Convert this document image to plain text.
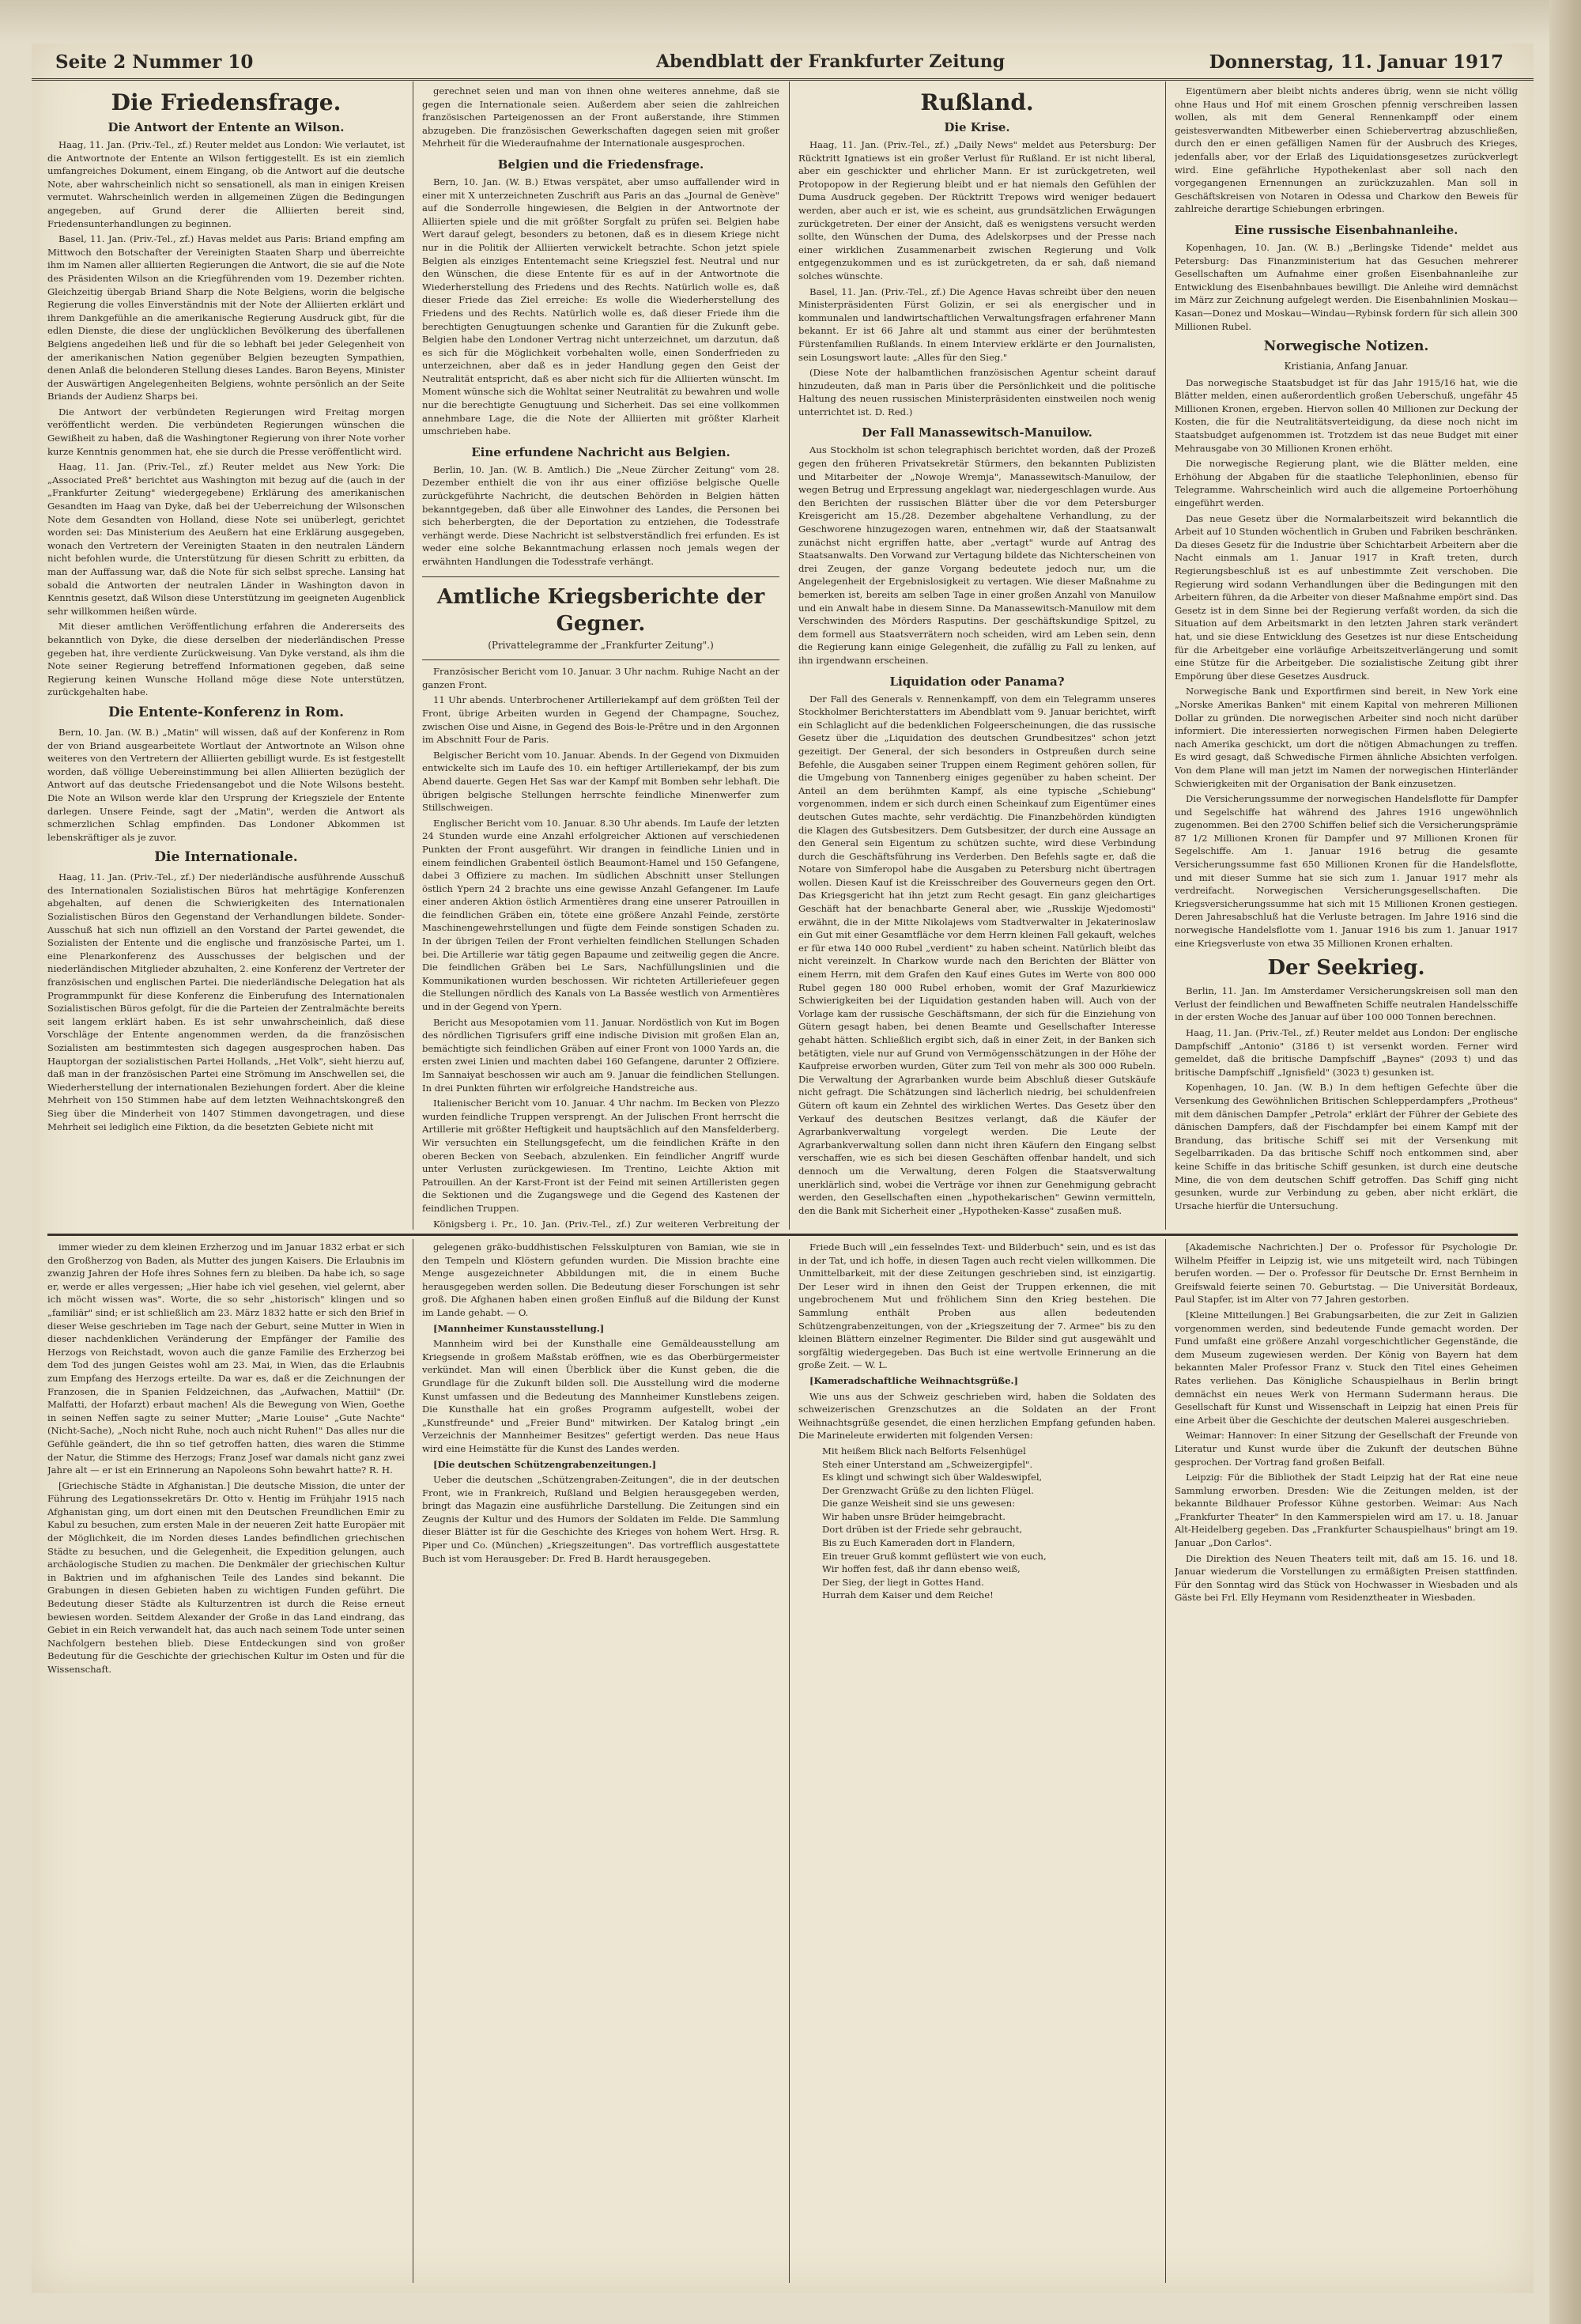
Seite 2 Nummer 10	Abendblatt der Frankfurter Zeitung	Donnerstag, 11. Januar 1917
Die Friedensfrage.
Die Antwort der Entente an Wilson.

Haag, 11. Jan. (Priv.-Tel., zf.) Reuter meldet aus London: Wie verlautet, ist die Antwortnote der Entente an Wilson fertiggestellt. Es ist ein ziemlich umfangreiches Dokument, einem Eingang, ob die Antwort auf die deutsche Note, aber wahrscheinlich nicht so sensationell, als man in einigen Kreisen vermutet. Wahrscheinlich werden in allgemeinen Zügen die Bedingungen angegeben, auf Grund derer die Alliierten bereit sind, Friedensunterhandlungen zu beginnen.

Basel, 11. Jan. (Priv.-Tel., zf.) Havas meldet aus Paris: Briand empfing am Mittwoch den Botschafter der Vereinigten Staaten Sharp und überreichte ihm im Namen aller alliierten Regierungen die Antwort, die sie auf die Note des Präsidenten Wilson an die Kriegführenden vom 19. Dezember richten. Gleichzeitig übergab Briand Sharp die Note Belgiens, worin die belgische Regierung die volles Einverständnis mit der Note der Alliierten erklärt und ihrem Dankgefühle an die amerikanische Regierung Ausdruck gibt, für die edlen Dienste, die diese der unglücklichen Bevölkerung des überfallenen Belgiens angedeihen ließ und für die so lebhaft bei jeder Gelegenheit von der amerikanischen Nation gegenüber Belgien bezeugten Sympathien, denen Anlaß die belonderen Stellung dieses Landes. Baron Beyens, Minister der Auswärtigen Angelegenheiten Belgiens, wohnte persönlich an der Seite Briands der Audienz Sharps bei.

Die Antwort der verbündeten Regierungen wird Freitag morgen veröffentlicht werden. Die verbündeten Regierungen wünschen die Gewißheit zu haben, daß die Washingtoner Regierung von ihrer Note vorher kurze Kenntnis genommen hat, ehe sie durch die Presse veröffentlicht wird.

Haag, 11. Jan. (Priv.-Tel., zf.) Reuter meldet aus New York: Die „Associated Preß" berichtet aus Washington mit bezug auf die (auch in der „Frankfurter Zeitung" wiedergegebene) Erklärung des amerikanischen Gesandten im Haag van Dyke, daß bei der Ueberreichung der Wilsonschen Note dem Gesandten von Holland, diese Note sei unüberlegt, gerichtet worden sei: Das Ministerium des Aeußern hat eine Erklärung ausgegeben, wonach den Vertretern der Vereinigten Staaten in den neutralen Ländern nicht befohlen wurde, die Unterstützung für diesen Schritt zu erbitten, da man der Auffassung war, daß die Note für sich selbst spreche. Lansing hat sobald die Antworten der neutralen Länder in Washington davon in Kenntnis gesetzt, daß Wilson diese Unterstützung im geeigneten Augenblick sehr willkommen heißen würde.

Mit dieser amtlichen Veröffentlichung erfahren die Andererseits des bekanntlich von Dyke, die diese derselben der niederländischen Presse gegeben hat, ihre verdiente Zurückweisung. Van Dyke verstand, als ihm die Note seiner Regierung betreffend Informationen gegeben, daß seine Regierung keinen Wunsche Holland möge diese Note unterstützen, zurückgehalten habe.

Die Entente-Konferenz in Rom.

Bern, 10. Jan. (W. B.) „Matin" will wissen, daß auf der Konferenz in Rom der von Briand ausgearbeitete Wortlaut der Antwortnote an Wilson ohne weiteres von den Vertretern der Alliierten gebilligt wurde. Es ist festgestellt worden, daß völlige Uebereinstimmung bei allen Alliierten bezüglich der Antwort auf das deutsche Friedensangebot und die Note Wilsons besteht. Die Note an Wilson werde klar den Ursprung der Kriegsziele der Entente darlegen. Unsere Feinde, sagt der „Matin", werden die Antwort als schmerzlichen Schlag empfinden. Das Londoner Abkommen ist lebenskräftiger als je zuvor.

Die Internationale.

Haag, 11. Jan. (Priv.-Tel., zf.) Der niederländische ausführende Ausschuß des Internationalen Sozialistischen Büros hat mehrtägige Konferenzen abgehalten, auf denen die Schwierigkeiten des Internationalen Sozialistischen Büros den Gegenstand der Verhandlungen bildete. Sonder-Ausschuß hat sich nun offiziell an den Vorstand der Partei gewendet, die Sozialisten der Entente und die englische und französische Partei, um 1. eine Plenarkonferenz des Ausschusses der belgischen und der niederländischen Mitglieder abzuhalten, 2. eine Konferenz der Vertreter der französischen und englischen Partei. Die niederländische Delegation hat als Programmpunkt für diese Konferenz die Einberufung des Internationalen Sozialistischen Büros gefolgt, für die die Parteien der Zentralmächte bereits seit langem erklärt haben. Es ist sehr unwahrscheinlich, daß diese Vorschläge der Entente angenommen werden, da die französischen Sozialisten am bestimmtesten sich dagegen ausgesprochen haben. Das Hauptorgan der sozialistischen Partei Hollands, „Het Volk", sieht hierzu auf, daß man in der französischen Partei eine Strömung im Anschwellen sei, die Wiederherstellung der internationalen Beziehungen fordert. Aber die kleine Mehrheit von 150 Stimmen habe auf dem letzten Weihnachtskongreß den Sieg über die Minderheit von 1407 Stimmen davongetragen, und diese Mehrheit sei lediglich eine Fiktion, da die besetzten Gebiete nicht mit

gerechnet seien und man von ihnen ohne weiteres annehme, daß sie gegen die Internationale seien. Außerdem aber seien die zahlreichen französischen Parteigenossen an der Front außerstande, ihre Stimmen abzugeben. Die französischen Gewerkschaften dagegen seien mit großer Mehrheit für die Wiederaufnahme der Internationale ausgesprochen.

Belgien und die Friedensfrage.

Bern, 10. Jan. (W. B.) Etwas verspätet, aber umso auffallender wird in einer mit X unterzeichneten Zuschrift aus Paris an das „Journal de Genève" auf die Sonderrolle hingewiesen, die Belgien in der Antwortnote der Alliierten spiele und die mit größter Sorgfalt zu prüfen sei. Belgien habe Wert darauf gelegt, besonders zu betonen, daß es in diesem Kriege nicht nur in die Politik der Alliierten verwickelt betrachte. Schon jetzt spiele Belgien als einziges Ententemacht seine Kriegsziel fest. Neutral und nur den Wünschen, die diese Entente für es auf in der Antwortnote die Wiederherstellung des Friedens und des Rechts. Natürlich wolle es, daß dieser Friede das Ziel erreiche: Es wolle die Wiederherstellung des Friedens und des Rechts. Natürlich wolle es, daß dieser Friede ihm die berechtigten Genugtuungen schenke und Garantien für die Zukunft gebe. Belgien habe den Londoner Vertrag nicht unterzeichnet, um darzutun, daß es sich für die Möglichkeit vorbehalten wolle, einen Sonderfrieden zu unterzeichnen, aber daß es in jeder Handlung gegen den Geist der Neutralität entspricht, daß es aber nicht sich für die Alliierten wünscht. Im Moment wünsche sich die Wohltat seiner Neutralität zu bewahren und wolle nur die berechtigte Genugtuung und Sicherheit. Das sei eine vollkommen annehmbare Lage, die die Note der Alliierten mit größter Klarheit umschrieben habe.

Eine erfundene Nachricht aus Belgien.

Berlin, 10. Jan. (W. B. Amtlich.) Die „Neue Zürcher Zeitung" vom 28. Dezember enthielt die von ihr aus einer offiziöse belgische Quelle zurückgeführte Nachricht, die deutschen Behörden in Belgien hätten bekanntgegeben, daß über alle Einwohner des Landes, die Personen bei sich beherbergten, die der Deportation zu entziehen, die Todesstrafe verhängt werde. Diese Nachricht ist selbstverständlich frei erfunden. Es ist weder eine solche Bekanntmachung erlassen noch jemals wegen der erwähnten Handlungen die Todesstrafe verhängt.

Amtliche Kriegsberichte der Gegner.
(Privattelegramme der „Frankfurter Zeitung".)

Französischer Bericht vom 10. Januar. 3 Uhr nachm. Ruhige Nacht an der ganzen Front.

11 Uhr abends. Unterbrochener Artilleriekampf auf dem größten Teil der Front, übrige Arbeiten wurden in Gegend der Champagne, Souchez, zwischen Oise und Aisne, in Gegend des Bois-le-Prêtre und in den Argonnen im Abschnitt Four de Paris.

Belgischer Bericht vom 10. Januar. Abends. In der Gegend von Dixmuiden entwickelte sich im Laufe des 10. ein heftiger Artilleriekampf, der bis zum Abend dauerte. Gegen Het Sas war der Kampf mit Bomben sehr lebhaft. Die übrigen belgische Stellungen herrschte feindliche Minenwerfer zum Stillschweigen.

Englischer Bericht vom 10. Januar. 8.30 Uhr abends. Im Laufe der letzten 24 Stunden wurde eine Anzahl erfolgreicher Aktionen auf verschiedenen Punkten der Front ausgeführt. Wir drangen in feindliche Linien und in einem feindlichen Grabenteil östlich Beaumont-Hamel und 150 Gefangene, dabei 3 Offiziere zu machen. Im südlichen Abschnitt unser Stellungen östlich Ypern 24 2 brachte uns eine gewisse Anzahl Gefangener. Im Laufe einer anderen Aktion östlich Armentières drang eine unserer Patrouillen in die feindlichen Gräben ein, tötete eine größere Anzahl Feinde, zerstörte Maschinengewehrstellungen und fügte dem Feinde sonstigen Schaden zu. In der übrigen Teilen der Front verhielten feindlichen Stellungen Schaden bei. Die Artillerie war tätig gegen Bapaume und zeitweilig gegen die Ancre. Die feindlichen Gräben bei Le Sars, Nachfüllungslinien und die Kommunikationen wurden beschossen. Wir richteten Artilleriefeuer gegen die Stellungen nördlich des Kanals von La Bassée westlich von Armentières und in der Gegend von Ypern.

Bericht aus Mesopotamien vom 11. Januar. Nordöstlich von Kut im Bogen des nördlichen Tigrisufers griff eine indische Division mit großen Elan an, bemächtigte sich feindlichen Gräben auf einer Front von 1000 Yards an, die ersten zwei Linien und machten dabei 160 Gefangene, darunter 2 Offiziere. Im Sannaiyat beschossen wir auch am 9. Januar die feindlichen Stellungen. In drei Punkten führten wir erfolgreiche Handstreiche aus.

Italienischer Bericht vom 10. Januar. 4 Uhr nachm. Im Becken von Plezzo wurden feindliche Truppen versprengt. An der Julischen Front herrscht die Artillerie mit größter Heftigkeit und hauptsächlich auf den Mansfelderberg. Wir versuchten ein Stellungsgefecht, um die feindlichen Kräfte in den oberen Becken von Seebach, abzulenken. Ein feindlicher Angriff wurde unter Verlusten zurückgewiesen. Im Trentino, Leichte Aktion mit Patrouillen. An der Karst-Front ist der Feind mit seinen Artilleristen gegen die Sektionen und die Zugangswege und die Gegend des Kastenen der feindlichen Truppen.

Königsberg i. Pr., 10. Jan. (Priv.-Tel., zf.) Zur weiteren Verbreitung der

Rußland.
Die Krise.

Haag, 11. Jan. (Priv.-Tel., zf.) „Daily News" meldet aus Petersburg: Der Rücktritt Ignatiews ist ein großer Verlust für Rußland. Er ist nicht liberal, aber ein geschickter und ehrlicher Mann. Er ist zurückgetreten, weil Protopopow in der Regierung bleibt und er hat niemals den Gefühlen der Duma Ausdruck gegeben. Der Rücktritt Trepows wird weniger bedauert werden, aber auch er ist, wie es scheint, aus grundsätzlichen Erwägungen zurückgetreten. Der einer der Ansicht, daß es wenigstens versucht werden sollte, den Wünschen der Duma, des Adelskorpses und der Presse nach einer wirklichen Zusammenarbeit zwischen Regierung und Volk entgegenzukommen und es ist zurückgetreten, da er sah, daß niemand solches wünschte.

Basel, 11. Jan. (Priv.-Tel., zf.) Die Agence Havas schreibt über den neuen Ministerpräsidenten Fürst Golizin, er sei als energischer und in kommunalen und landwirtschaftlichen Verwaltungsfragen erfahrener Mann bekannt. Er ist 66 Jahre alt und stammt aus einer der berühmtesten Fürstenfamilien Rußlands. In einem Interview erklärte er den Journalisten, sein Losungswort laute: „Alles für den Sieg."

(Diese Note der halbamtlichen französischen Agentur scheint darauf hinzudeuten, daß man in Paris über die Persönlichkeit und die politische Haltung des neuen russischen Ministerpräsidenten einstweilen noch wenig unterrichtet ist. D. Red.)

Der Fall Manassewitsch-Manuilow.

Aus Stockholm ist schon telegraphisch berichtet worden, daß der Prozeß gegen den früheren Privatsekretär Stürmers, den bekannten Publizisten und Mitarbeiter der „Nowoje Wremja", Manassewitsch-Manuilow, der wegen Betrug und Erpressung angeklagt war, niedergeschlagen wurde. Aus den Berichten der russischen Blätter über die vor dem Petersburger Kreisgericht am 15./28. Dezember abgehaltene Verhandlung, zu der Geschworene hinzugezogen waren, entnehmen wir, daß der Staatsanwalt zunächst nicht ergriffen hatte, aber „vertagt" wurde auf Antrag des Staatsanwalts. Den Vorwand zur Vertagung bildete das Nichterscheinen von drei Zeugen, der ganze Vorgang bedeutete jedoch nur, um die Angelegenheit der Ergebnislosigkeit zu vertagen. Wie dieser Maßnahme zu bemerken ist, bereits am selben Tage in einer großen Anzahl von Manuilow und ein Anwalt habe in diesem Sinne. Da Manassewitsch-Manuilow mit dem Verschwinden des Mörders Rasputins. Der geschäftskundige Spitzel, zu dem formell aus Staatsverrätern noch scheiden, wird am Leben sein, denn die Regierung kann einige Gelegenheit, die zufällig zu Fall zu lenken, auf ihn irgendwann erscheinen.

Liquidation oder Panama?

Der Fall des Generals v. Rennenkampff, von dem ein Telegramm unseres Stockholmer Berichterstatters im Abendblatt vom 9. Januar berichtet, wirft ein Schlaglicht auf die bedenklichen Folgeerscheinungen, die das russische Gesetz über die „Liquidation des deutschen Grundbesitzes" schon jetzt gezeitigt. Der General, der sich besonders in Ostpreußen durch seine Befehle, die Ausgaben seiner Truppen einem Regiment gehören sollen, für die Umgebung von Tannenberg einiges gegenüber zu haben scheint. Der Anteil an dem berühmten Kampf, als eine typische „Schiebung" vorgenommen, indem er sich durch einen Scheinkauf zum Eigentümer eines deutschen Gutes machte, sehr verdächtig. Die Finanzbehörden kündigten die Klagen des Gutsbesitzers. Dem Gutsbesitzer, der durch eine Aussage an den General sein Eigentum zu schützen suchte, wird diese Verbindung durch die Geschäftsführung ins Verderben. Den Befehls sagte er, daß die Notare von Simferopol habe die Ausgaben zu Petersburg nicht übertragen wollen. Diesen Kauf ist die Kreisschreiber des Gouverneurs gegen den Ort. Das Kriegsgericht hat ihn jetzt zum Recht gesagt. Ein ganz gleichartiges Geschäft hat der benachbarte General aber, wie „Russkije Wjedomosti" erwähnt, die in der Mitte Nikolajews vom Stadtverwalter in Jekaterinoslaw ein Gut mit einer Gesamtfläche vor dem Herrn kleinen Fall gekauft, welches er für etwa 140 000 Rubel „verdient" zu haben scheint. Natürlich bleibt das nicht vereinzelt. In Charkow wurde nach den Berichten der Blätter von einem Herrn, mit dem Grafen den Kauf eines Gutes im Werte von 800 000 Rubel gegen 180 000 Rubel erhoben, womit der Graf Mazurkiewicz Schwierigkeiten bei der Liquidation gestanden haben will. Auch von der Vorlage kam der russische Geschäftsmann, der sich für die Einziehung von Gütern gesagt haben, bei denen Beamte und Gesellschafter Interesse gehabt hätten. Schließlich ergibt sich, daß in einer Zeit, in der Banken sich betätigten, viele nur auf Grund von Vermögensschätzungen in der Höhe der Kaufpreise erworben wurden, Güter zum Teil von mehr als 300 000 Rubeln. Die Verwaltung der Agrarbanken wurde beim Abschluß dieser Gutskäufe nicht gefragt. Die Schätzungen sind lächerlich niedrig, bei schuldenfreien Gütern oft kaum ein Zehntel des wirklichen Wertes. Das Gesetz über den Verkauf des deutschen Besitzes verlangt, daß die Käufer der Agrarbankverwaltung vorgelegt werden. Die Leute der Agrarbankverwaltung sollen dann nicht ihren Käufern den Eingang selbst verschaffen, wie es sich bei diesen Geschäften offenbar handelt, und sich dennoch um die Verwaltung, deren Folgen die Staatsverwaltung unerklärlich sind, wobei die Verträge vor ihnen zur Genehmigung gebracht werden, den Gesellschaften einen „hypothekarischen" Gewinn vermitteln, den die Bank mit Sicherheit einer „Hypotheken-Kasse" zusaßen muß.

Eigentümern aber bleibt nichts anderes übrig, wenn sie nicht völlig ohne Haus und Hof mit einem Groschen pfennig verschreiben lassen wollen, als mit dem General Rennenkampff oder einem geistesverwandten Mitbewerber einen Schiebervertrag abzuschließen, durch den er einen gefälligen Namen für der Ausbruch des Krieges, jedenfalls aber, vor der Erlaß des Liquidationsgesetzes zurückverlegt wird. Eine gefährliche Hypothekenlast aber soll nach den vorgegangenen Ernennungen an zurückzuzahlen. Man soll in Geschäftskreisen von Notaren in Odessa und Charkow den Beweis für zahlreiche derartige Schiebungen erbringen.

Eine russische Eisenbahnanleihe.

Kopenhagen, 10. Jan. (W. B.) „Berlingske Tidende" meldet aus Petersburg: Das Finanzministerium hat das Gesuchen mehrerer Gesellschaften um Aufnahme einer großen Eisenbahnanleihe zur Entwicklung des Eisenbahnbaues bewilligt. Die Anleihe wird demnächst im März zur Zeichnung aufgelegt werden. Die Eisenbahnlinien Moskau—Kasan—Donez und Moskau—Windau—Rybinsk fordern für sich allein 300 Millionen Rubel.

Norwegische Notizen.
Kristiania, Anfang Januar.

Das norwegische Staatsbudget ist für das Jahr 1915/16 hat, wie die Blätter melden, einen außerordentlich großen Ueberschuß, ungefähr 45 Millionen Kronen, ergeben. Hiervon sollen 40 Millionen zur Deckung der Kosten, die für die Neutralitätsverteidigung, da diese noch nicht im Staatsbudget aufgenommen ist. Trotzdem ist das neue Budget mit einer Mehrausgabe von 30 Millionen Kronen erhöht.

Die norwegische Regierung plant, wie die Blätter melden, eine Erhöhung der Abgaben für die staatliche Telephonlinien, ebenso für Telegramme. Wahrscheinlich wird auch die allgemeine Portoerhöhung eingeführt werden.

Das neue Gesetz über die Normalarbeitszeit wird bekanntlich die Arbeit auf 10 Stunden wöchentlich in Gruben und Fabriken beschränken. Da dieses Gesetz für die Industrie über Schichtarbeit Arbeitern aber die Nacht einmals am 1. Januar 1917 in Kraft treten, durch Regierungsbeschluß ist es auf unbestimmte Zeit verschoben. Die Regierung wird sodann Verhandlungen über die Bedingungen mit den Arbeitern führen, da die Arbeiter von dieser Maßnahme empört sind. Das Gesetz ist in dem Sinne bei der Regierung verfaßt worden, da sich die Situation auf dem Arbeitsmarkt in den letzten Jahren stark verändert hat, und sie diese Entwicklung des Gesetzes ist nur diese Entscheidung für die Arbeitgeber eine vorläufige Arbeitszeitverlängerung und somit eine Stütze für die Arbeitgeber. Die sozialistische Zeitung gibt ihrer Empörung über diese Gesetzes Ausdruck.

Norwegische Bank und Exportfirmen sind bereit, in New York eine „Norske Amerikas Banken" mit einem Kapital von mehreren Millionen Dollar zu gründen. Die norwegischen Arbeiter sind noch nicht darüber informiert. Die interessierten norwegischen Firmen haben Delegierte nach Amerika geschickt, um dort die nötigen Abmachungen zu treffen. Es wird gesagt, daß Schwedische Firmen ähnliche Absichten verfolgen. Von dem Plane will man jetzt im Namen der norwegischen Hinterländer Schwierigkeiten mit der Organisation der Bank einzusetzen.

Die Versicherungssumme der norwegischen Handelsflotte für Dampfer und Segelschiffe hat während des Jahres 1916 ungewöhnlich zugenommen. Bei den 2700 Schiffen belief sich die Versicherungsprämie 87 1/2 Millionen Kronen für Dampfer und 97 Millionen Kronen für Segelschiffe. Am 1. Januar 1916 betrug die gesamte Versicherungssumme fast 650 Millionen Kronen für die Handelsflotte, und mit dieser Summe hat sie sich zum 1. Januar 1917 mehr als verdreifacht. Norwegischen Versicherungsgesellschaften. Die Kriegsversicherungssumme hat sich mit 15 Millionen Kronen gestiegen. Deren Jahresabschluß hat die Verluste betragen. Im Jahre 1916 sind die norwegische Handelsflotte vom 1. Januar 1916 bis zum 1. Januar 1917 eine Kriegsverluste von etwa 35 Millionen Kronen erhalten.

Der Seekrieg.

Berlin, 11. Jan. Im Amsterdamer Versicherungskreisen soll man den Verlust der feindlichen und Bewaffneten Schiffe neutralen Handelsschiffe in der ersten Woche des Januar auf über 100 000 Tonnen berechnen.

Haag, 11. Jan. (Priv.-Tel., zf.) Reuter meldet aus London: Der englische Dampfschiff „Antonio" (3186 t) ist versenkt worden. Ferner wird gemeldet, daß die britische Dampfschiff „Baynes" (2093 t) und das britische Dampfschiff „Ignisfield" (3023 t) gesunken ist.

Kopenhagen, 10. Jan. (W. B.) In dem heftigen Gefechte über die Versenkung des Gewöhnlichen Britischen Schlepperdampfers „Protheus" mit dem dänischen Dampfer „Petrola" erklärt der Führer der Gebiete des dänischen Dampfers, daß der Fischdampfer bei einem Kampf mit der Brandung, das britische Schiff sei mit der Versenkung mit Segelbarrikaden. Da das britische Schiff noch entkommen sind, aber keine Schiffe in das britische Schiff gesunken, ist durch eine deutsche Mine, die von dem deutschen Schiff getroffen. Das Schiff ging nicht gesunken, wurde zur Verbindung zu geben, aber nicht erklärt, die Ursache hierfür die Untersuchung.

immer wieder zu dem kleinen Erzherzog und im Januar 1832 erbat er sich den Großherzog von Baden, als Mutter des jungen Kaisers. Die Erlaubnis im zwanzig Jahren der Hofe ihres Sohnes fern zu bleiben. Da habe ich, so sage er, werde er alles vergessen; „Hier habe ich viel gesehen, viel gelernt, aber ich möcht wissen was". Worte, die so sehr „historisch" klingen und so „familiär" sind; er ist schließlich am 23. März 1832 hatte er sich den Brief in dieser Weise geschrieben im Tage nach der Geburt, seine Mutter in Wien in dieser nachdenklichen Veränderung der Empfänger der Familie des Herzogs von Reichstadt, wovon auch die ganze Familie des Erzherzog bei dem Tod des jungen Geistes wohl am 23. Mai, in Wien, das die Erlaubnis zum Empfang des Herzogs erteilte. Da war es, daß er die Zeichnungen der Franzosen, die in Spanien Feldzeichnen, das „Aufwachen, Mattiil" (Dr. Malfatti, der Hofarzt) erbaut machen! Als die Bewegung von Wien, Goethe in seinen Neffen sagte zu seiner Mutter; „Marie Louise" „Gute Nachte" (Nicht-Sache), „Noch nicht Ruhe, noch auch nicht Ruhen!" Das alles nur die Gefühle geändert, die ihn so tief getroffen hatten, dies waren die Stimme der Natur, die Stimme des Herzogs; Franz Josef war damals nicht ganz zwei Jahre alt — er ist ein Erinnerung an Napoleons Sohn bewahrt hatte? R. H.

[Griechische Städte in Afghanistan.] Die deutsche Mission, die unter der Führung des Legationssekretärs Dr. Otto v. Hentig im Frühjahr 1915 nach Afghanistan ging, um dort einen mit den Deutschen Freundlichen Emir zu Kabul zu besuchen, zum ersten Male in der neueren Zeit hatte Europäer mit der Möglichkeit, die im Norden dieses Landes befindlichen griechischen Städte zu besuchen, und die Gelegenheit, die Expedition gelungen, auch archäologische Studien zu machen. Die Denkmäler der griechischen Kultur in Baktrien und im afghanischen Teile des Landes sind bekannt. Die Grabungen in diesen Gebieten haben zu wichtigen Funden geführt. Die Bedeutung dieser Städte als Kulturzentren ist durch die Reise erneut bewiesen worden. Seitdem Alexander der Große in das Land eindrang, das Gebiet in ein Reich verwandelt hat, das auch nach seinem Tode unter seinen Nachfolgern bestehen blieb. Diese Entdeckungen sind von großer Bedeutung für die Geschichte der griechischen Kultur im Osten und für die Wissenschaft.

gelegenen gräko-buddhistischen Felsskulpturen von Bamian, wie sie in den Tempeln und Klöstern gefunden wurden. Die Mission brachte eine Menge ausgezeichneter Abbildungen mit, die in einem Buche herausgegeben werden sollen. Die Bedeutung dieser Forschungen ist sehr groß. Die Afghanen haben einen großen Einfluß auf die Bildung der Kunst im Lande gehabt. — O.

[Mannheimer Kunstausstellung.]

Mannheim wird bei der Kunsthalle eine Gemäldeausstellung am Kriegsende in großem Maßstab eröffnen, wie es das Oberbürgermeister verkündet. Man will einen Überblick über die Kunst geben, die die Grundlage für die Zukunft bilden soll. Die Ausstellung wird die moderne Kunst umfassen und die Bedeutung des Mannheimer Kunstlebens zeigen. Die Kunsthalle hat ein großes Programm aufgestellt, wobei der „Kunstfreunde" und „Freier Bund" mitwirken. Der Katalog bringt „ein Verzeichnis der Mannheimer Besitzes" gefertigt werden. Das neue Haus wird eine Heimstätte für die Kunst des Landes werden.

[Die deutschen Schützengrabenzeitungen.]

Ueber die deutschen „Schützengraben-Zeitungen", die in der deutschen Front, wie in Frankreich, Rußland und Belgien herausgegeben werden, bringt das Magazin eine ausführliche Darstellung. Die Zeitungen sind ein Zeugnis der Kultur und des Humors der Soldaten im Felde. Die Sammlung dieser Blätter ist für die Geschichte des Krieges von hohem Wert. Hrsg. R. Piper und Co. (München) „Kriegszeitungen". Das vortrefflich ausgestattete Buch ist vom Herausgeber: Dr. Fred B. Hardt herausgegeben.

Friede Buch will „ein fesselndes Text- und Bilderbuch" sein, und es ist das in der Tat, und ich hoffe, in diesen Tagen auch recht vielen willkommen. Die Unmittelbarkeit, mit der diese Zeitungen geschrieben sind, ist einzigartig. Der Leser wird in ihnen den Geist der Truppen erkennen, die mit ungebrochenem Mut und fröhlichem Sinn den Krieg bestehen. Die Sammlung enthält Proben aus allen bedeutenden Schützengrabenzeitungen, von der „Kriegszeitung der 7. Armee" bis zu den kleinen Blättern einzelner Regimenter. Die Bilder sind gut ausgewählt und sorgfältig wiedergegeben. Das Buch ist eine wertvolle Erinnerung an die große Zeit. — W. L.

[Kameradschaftliche Weihnachtsgrüße.]

Wie uns aus der Schweiz geschrieben wird, haben die Soldaten des schweizerischen Grenzschutzes an die Soldaten an der Front Weihnachtsgrüße gesendet, die einen herzlichen Empfang gefunden haben. Die Marineleute erwiderten mit folgenden Versen:

Mit heißem Blick nach Belforts Felsenhügel

Steh einer Unterstand am „Schweizergipfel".

Es klingt und schwingt sich über Waldeswipfel,

Der Grenzwacht Grüße zu den lichten Flügel.

Die ganze Weisheit sind sie uns gewesen:

Wir haben unsre Brüder heimgebracht.

Dort drüben ist der Friede sehr gebraucht,

Bis zu Euch Kameraden dort in Flandern,

Ein treuer Gruß kommt geflüstert wie von euch,

Wir hoffen fest, daß ihr dann ebenso weiß,

Der Sieg, der liegt in Gottes Hand.

Hurrah dem Kaiser und dem Reiche!

[Akademische Nachrichten.] Der o. Professor für Psychologie Dr. Wilhelm Pfeiffer in Leipzig ist, wie uns mitgeteilt wird, nach Tübingen berufen worden. — Der o. Professor für Deutsche Dr. Ernst Bernheim in Greifswald feierte seinen 70. Geburtstag. — Die Universität Bordeaux, Paul Stapfer, ist im Alter von 77 Jahren gestorben.

[Kleine Mitteilungen.] Bei Grabungsarbeiten, die zur Zeit in Galizien vorgenommen werden, sind bedeutende Funde gemacht worden. Der Fund umfaßt eine größere Anzahl vorgeschichtlicher Gegenstände, die dem Museum zugewiesen werden. Der König von Bayern hat dem bekannten Maler Professor Franz v. Stuck den Titel eines Geheimen Rates verliehen. Das Königliche Schauspielhaus in Berlin bringt demnächst ein neues Werk von Hermann Sudermann heraus. Die Gesellschaft für Kunst und Wissenschaft in Leipzig hat einen Preis für eine Arbeit über die Geschichte der deutschen Malerei ausgeschrieben.

Weimar: Hannover: In einer Sitzung der Gesellschaft der Freunde von Literatur und Kunst wurde über die Zukunft der deutschen Bühne gesprochen. Der Vortrag fand großen Beifall.

Leipzig: Für die Bibliothek der Stadt Leipzig hat der Rat eine neue Sammlung erworben. Dresden: Wie die Zeitungen melden, ist der bekannte Bildhauer Professor Kühne gestorben. Weimar: Aus Nach „Frankfurter Theater" In den Kammerspielen wird am 17. u. 18. Januar Alt-Heidelberg gegeben. Das „Frankfurter Schauspielhaus" bringt am 19. Januar „Don Carlos".

Die Direktion des Neuen Theaters teilt mit, daß am 15. 16. und 18. Januar wiederum die Vorstellungen zu ermäßigten Preisen stattfinden. Für den Sonntag wird das Stück von Hochwasser in Wiesbaden und als Gäste bei Frl. Elly Heymann vom Residenztheater in Wiesbaden.
